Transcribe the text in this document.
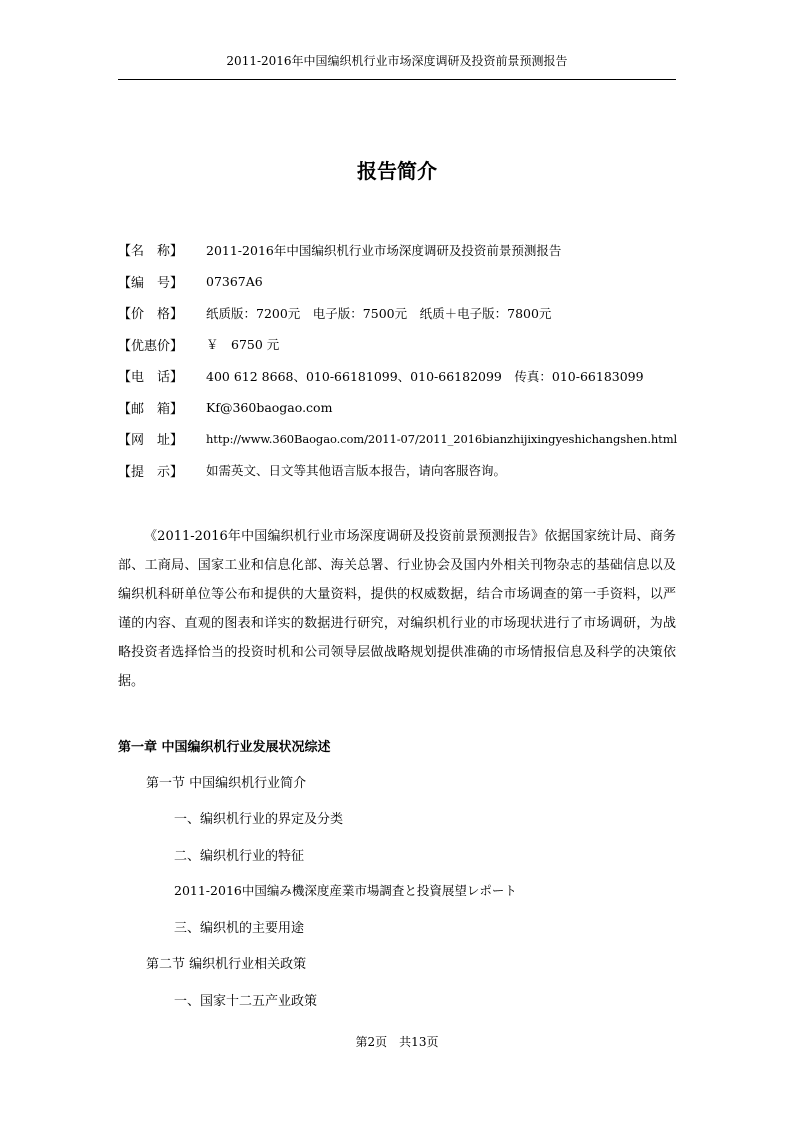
2011-2016年中国编织机行业市场深度调研及投资前景预测报告
报告简介
【名　称】	2011-2016年中国编织机行业市场深度调研及投资前景预测报告
【编　号】	07367A6
【价　格】	纸质版：7200元　电子版：7500元　纸质＋电子版：7800元
【优惠价】	￥　6750 元
【电　话】	400 612 8668、010-66181099、010-66182099　传真：010-66183099
【邮　箱】	Kf@360baogao.com
【网　址】	http://www.360Baogao.com/2011-07/2011_2016bianzhijixingyeshichangshen.html
【提　示】	如需英文、日文等其他语言版本报告，请向客服咨询。

《2011-2016年中国编织机行业市场深度调研及投资前景预测报告》依据国家统计局、商务部、工商局、国家工业和信息化部、海关总署、行业协会及国内外相关刊物杂志的基础信息以及编织机科研单位等公布和提供的大量资料，提供的权威数据，结合市场调查的第一手资料，以严谨的内容、直观的图表和详实的数据进行研究，对编织机行业的市场现状进行了市场调研，为战略投资者选择恰当的投资时机和公司领导层做战略规划提供准确的市场情报信息及科学的决策依据。

第一章 中国编织机行业发展状况综述
第一节 中国编织机行业简介
一、编织机行业的界定及分类
二、编织机行业的特征
2011-2016中国编み機深度産業市場調査と投資展望レポート
三、编织机的主要用途
第二节 编织机行业相关政策
一、国家十二五产业政策
第2页　共13页
